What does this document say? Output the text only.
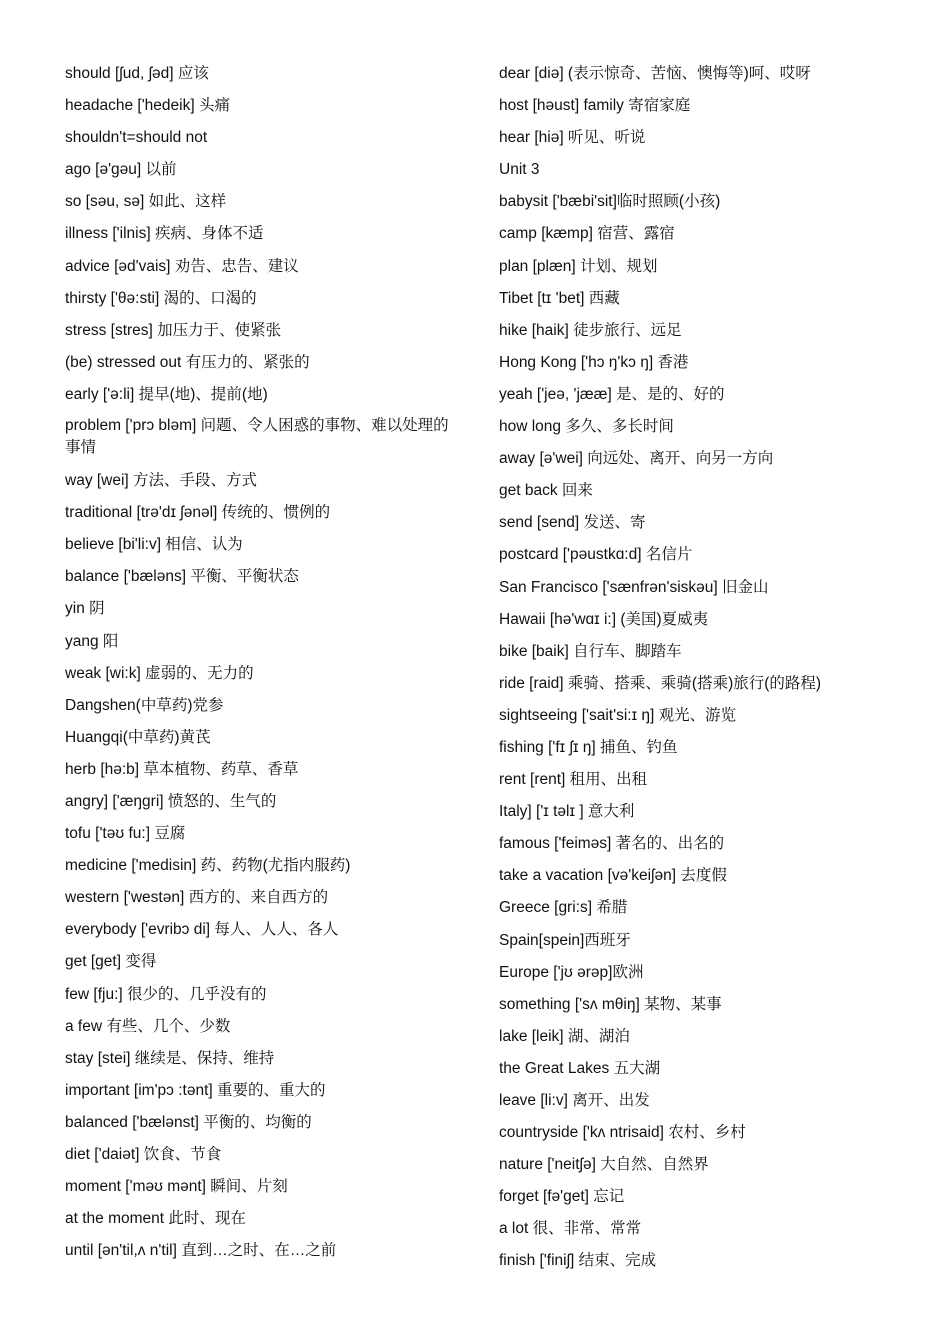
should [ʃud, ʃəd] 应该

headache ['hedeik] 头痛

shouldn't=should not

ago [ə'ɡəu] 以前

so [səu, sə] 如此、这样

illness ['ilnis] 疾病、身体不适

advice [əd'vais] 劝告、忠告、建议

thirsty ['θə:sti] 渴的、口渴的

stress [stres] 加压力于、使紧张

(be) stressed out 有压力的、紧张的

early ['ə:li] 提早(地)、提前(地)

problem ['prɔ bləm] 问题、令人困惑的事物、难以处理的事情

way [wei] 方法、手段、方式

traditional [trə'dɪ ʃənəl] 传统的、惯例的

believe [bi'li:v] 相信、认为

balance ['bæləns] 平衡、平衡状态

yin 阴

yang 阳

weak [wi:k] 虚弱的、无力的

Dangshen(中草药)党参

Huangqi(中草药)黄芪

herb [hə:b] 草本植物、药草、香草

angry] ['æŋɡri] 愤怒的、生气的

tofu ['təʊ fu:] 豆腐

medicine ['medisin] 药、药物(尤指内服药)

western ['westən] 西方的、来自西方的

everybody ['evribɔ di] 每人、人人、各人

get [ɡet] 变得

few [fju:] 很少的、几乎没有的

a few 有些、几个、少数

stay [stei] 继续是、保持、维持

important [im'pɔ :tənt] 重要的、重大的

balanced ['bælənst] 平衡的、均衡的

diet ['daiət] 饮食、节食

moment ['məʊ mənt] 瞬间、片刻

at the moment 此时、现在

until [ən'til,ʌ n'til] 直到…之时、在…之前

dear [diə] (表示惊奇、苦恼、懊悔等)呵、哎呀

host [həust] family 寄宿家庭

hear [hiə] 听见、听说

Unit 3

babysit ['bæbi'sit]临时照顾(小孩)

camp [kæmp] 宿营、露宿

plan [plæn] 计划、规划

Tibet [tɪ 'bet] 西藏

hike [haik] 徒步旅行、远足

Hong Kong ['hɔ ŋ'kɔ ŋ] 香港

yeah ['jeə, 'jææ] 是、是的、好的

how long 多久、多长时间

away [ə'wei] 向远处、离开、向另一方向

get back 回来

send [send] 发送、寄

postcard ['pəustkɑ:d] 名信片

San Francisco ['sænfrən'siskəu] 旧金山

Hawaii [hə'wɑɪ i:] (美国)夏威夷

bike [baik] 自行车、脚踏车

ride [raid] 乘骑、搭乘、乘骑(搭乘)旅行(的路程)

sightseeing ['sait'si:ɪ ŋ] 观光、游览

fishing ['fɪ ʃɪ ŋ] 捕鱼、钓鱼

rent [rent] 租用、出租

Italy] ['ɪ təlɪ ] 意大利

famous ['feiməs] 著名的、出名的

take a vacation [və'keiʃən] 去度假

Greece [gri:s] 希腊

Spain[spein]西班牙

Europe ['jʊ ərəp]欧洲

something ['sʌ mθiŋ] 某物、某事

lake [leik] 湖、湖泊

the Great Lakes 五大湖

leave [li:v] 离开、出发

countryside ['kʌ ntrisaid] 农村、乡村

nature ['neitʃə] 大自然、自然界

forget [fə'ɡet] 忘记

a lot 很、非常、常常

finish ['finiʃ] 结束、完成
